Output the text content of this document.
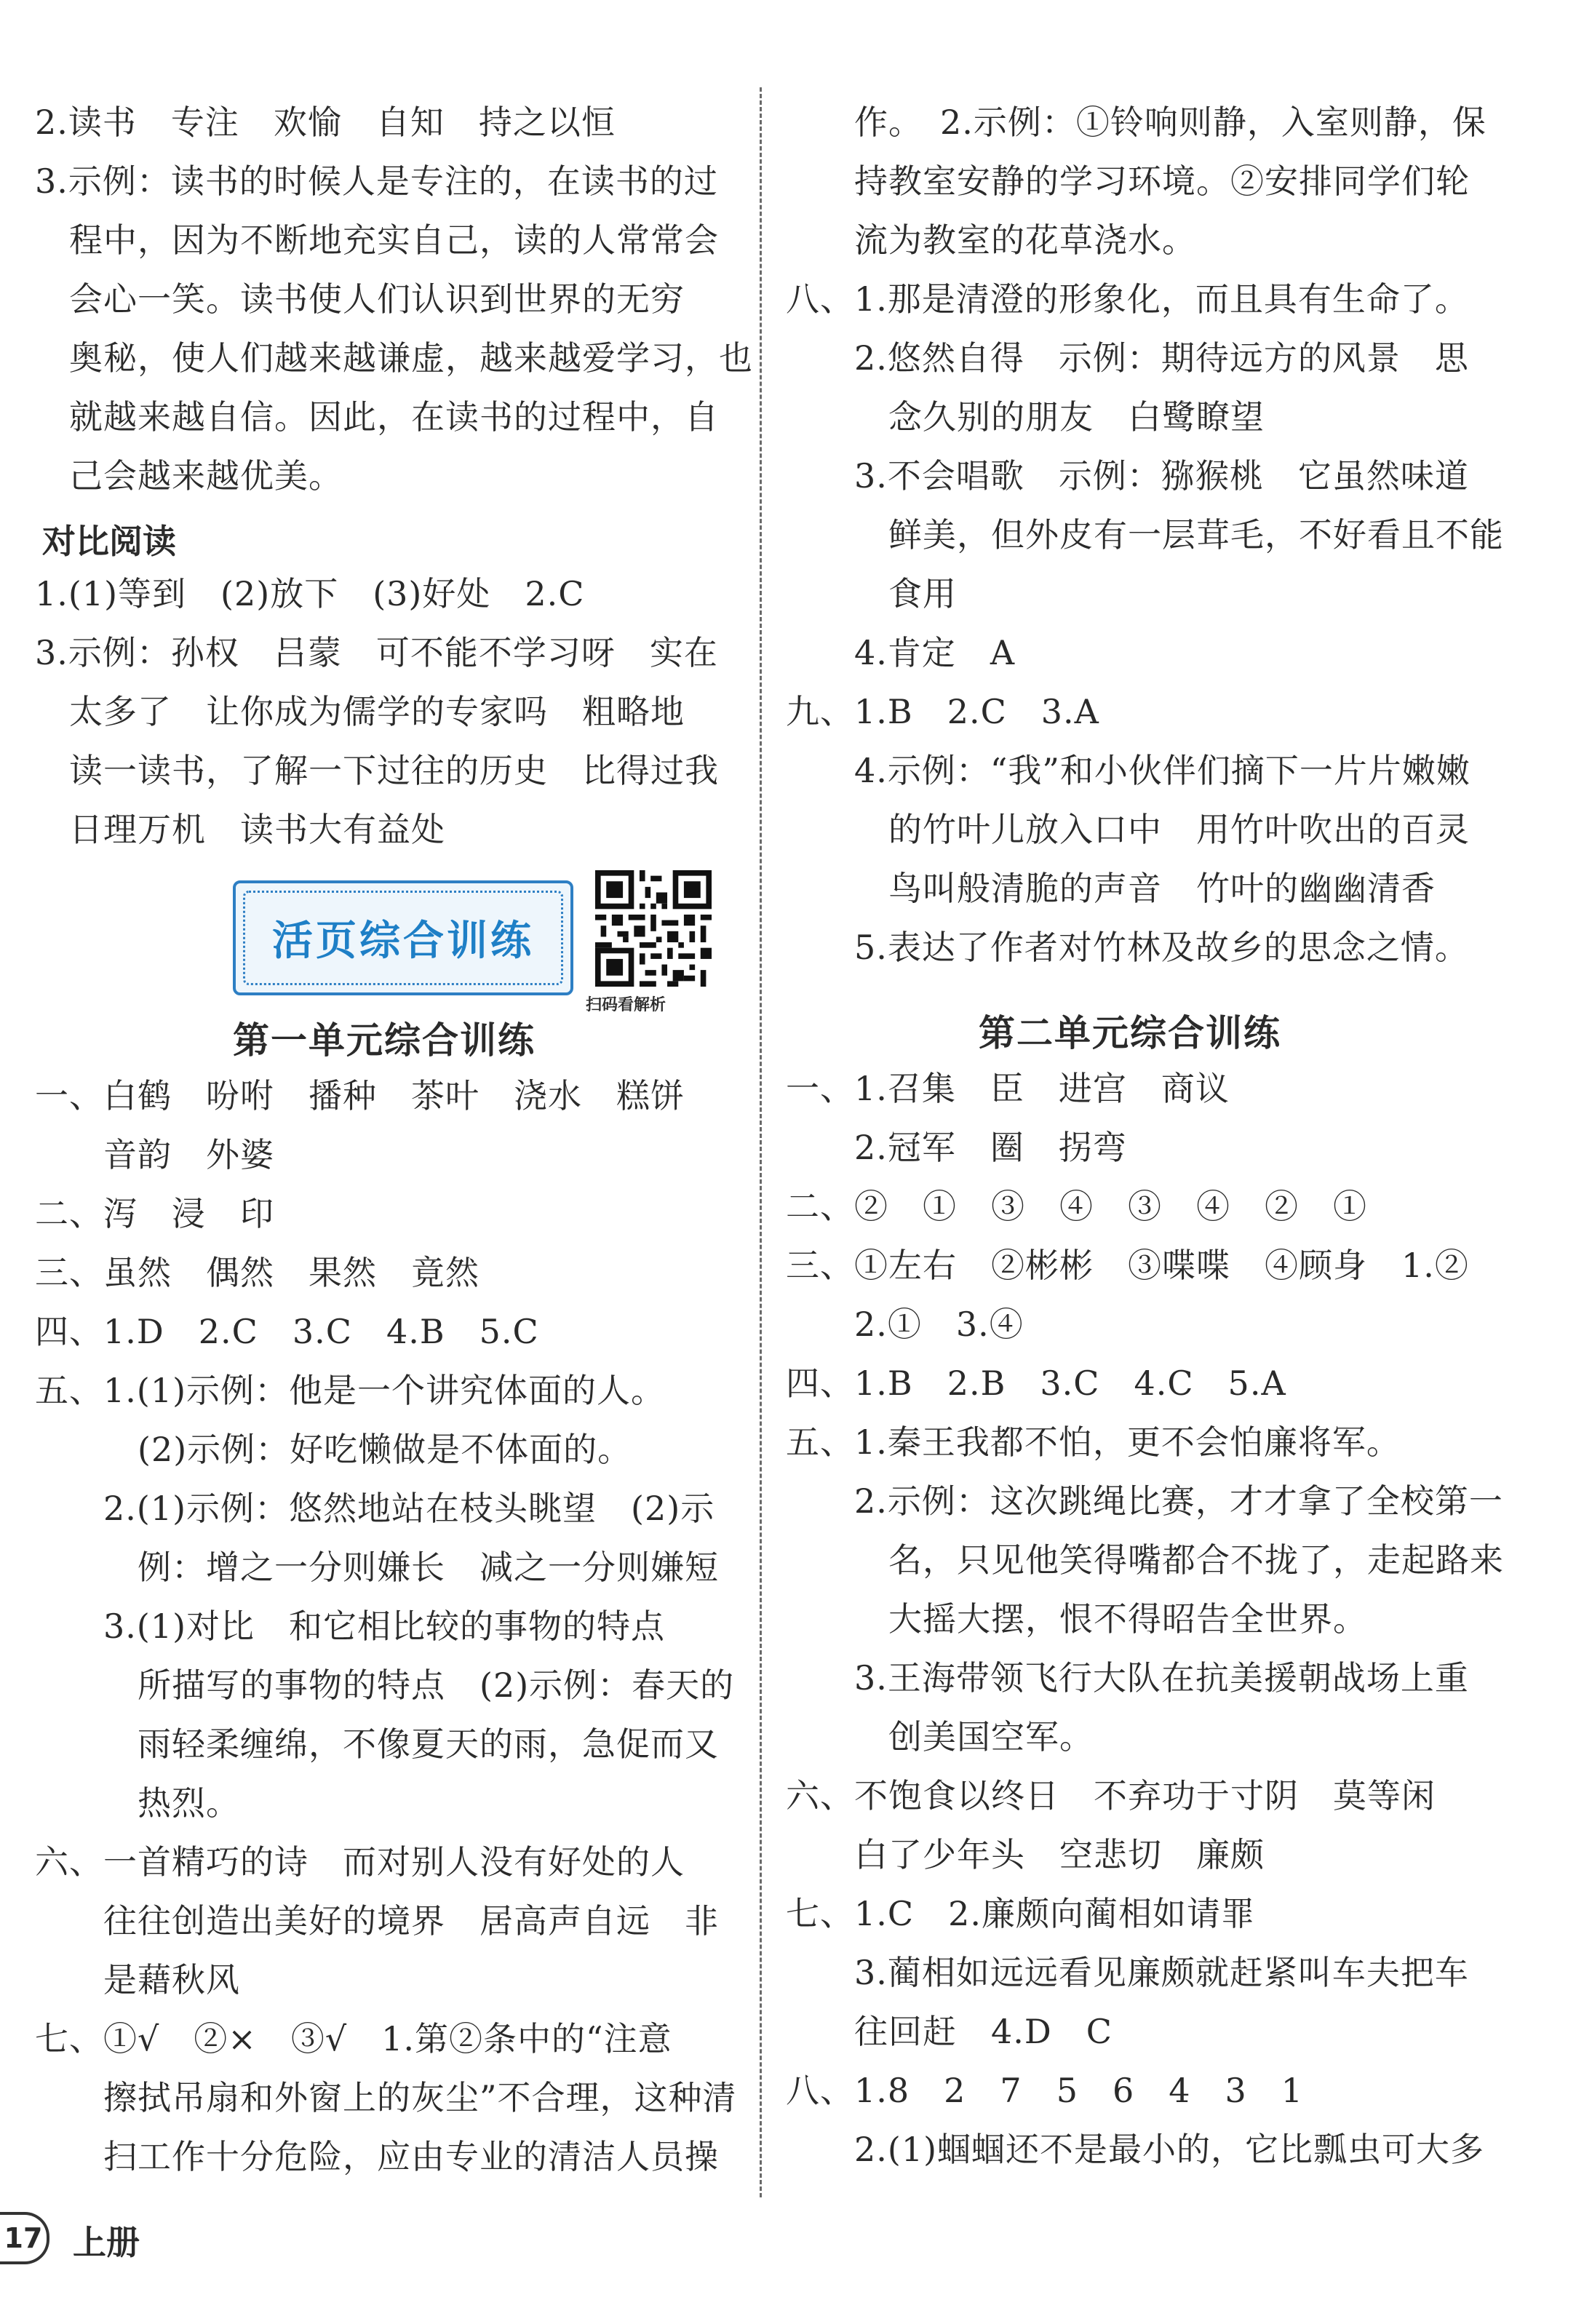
2.读书　专注　欢愉　自知　持之以恒
3.示例：读书的时候人是专注的，在读书的过
　程中，因为不断地充实自己，读的人常常会
　会心一笑。读书使人们认识到世界的无穷
　奥秘，使人们越来越谦虚，越来越爱学习，也
　就越来越自信。因此，在读书的过程中，自
　己会越来越优美。
对比阅读
1.(1)等到　(2)放下　(3)好处　2.C
3.示例：孙权　吕蒙　可不能不学习呀　实在
　太多了　让你成为儒学的专家吗　粗略地
　读一读书，了解一下过往的历史　比得过我
　日理万机　读书大有益处
活页综合训练
扫码看解析
第一单元综合训练
一、白鹤　吩咐　播种　茶叶　浇水　糕饼
　　音韵　外婆
二、泻　浸　印
三、虽然　偶然　果然　竟然
四、1.D　2.C　3.C　4.B　5.C
五、1.(1)示例：他是一个讲究体面的人。
　　　(2)示例：好吃懒做是不体面的。
　　2.(1)示例：悠然地站在枝头眺望　(2)示
　　　例：增之一分则嫌长　减之一分则嫌短
　　3.(1)对比　和它相比较的事物的特点
　　　所描写的事物的特点　(2)示例：春天的
　　　雨轻柔缠绵，不像夏天的雨，急促而又
　　　热烈。
六、一首精巧的诗　而对别人没有好处的人
　　往往创造出美好的境界　居高声自远　非
　　是藉秋风
七、①√　②×　③√　1.第②条中的“注意
　　擦拭吊扇和外窗上的灰尘”不合理，这种清
　　扫工作十分危险，应由专业的清洁人员操
　　作。　2.示例：①铃响则静，入室则静，保
　　持教室安静的学习环境。②安排同学们轮
　　流为教室的花草浇水。
八、1.那是清澄的形象化，而且具有生命了。
　　2.悠然自得　示例：期待远方的风景　思
　　　念久别的朋友　白鹭瞭望
　　3.不会唱歌　示例：猕猴桃　它虽然味道
　　　鲜美，但外皮有一层茸毛，不好看且不能
　　　食用
　　4.肯定　A
九、1.B　2.C　3.A
　　4.示例：“我”和小伙伴们摘下一片片嫩嫩
　　　的竹叶儿放入口中　用竹叶吹出的百灵
　　　鸟叫般清脆的声音　竹叶的幽幽清香
　　5.表达了作者对竹林及故乡的思念之情。
第二单元综合训练
一、1.召集　臣　进宫　商议
　　2.冠军　圈　拐弯
二、②　①　③　④　③　④　②　①
三、①左右　②彬彬　③喋喋　④顾身　1.②
　　2.①　3.④
四、1.B　2.B　3.C　4.C　5.A
五、1.秦王我都不怕，更不会怕廉将军。
　　2.示例：这次跳绳比赛，才才拿了全校第一
　　　名，只见他笑得嘴都合不拢了，走起路来
　　　大摇大摆，恨不得昭告全世界。
　　3.王海带领飞行大队在抗美援朝战场上重
　　　创美国空军。
六、不饱食以终日　不弃功于寸阴　莫等闲
　　白了少年头　空悲切　廉颇
七、1.C　2.廉颇向蔺相如请罪
　　3.蔺相如远远看见廉颇就赶紧叫车夫把车
　　往回赶　4.D　C
八、1.8　2　7　5　6　4　3　1
　　2.(1)蝈蝈还不是最小的，它比瓢虫可大多
17 上册
